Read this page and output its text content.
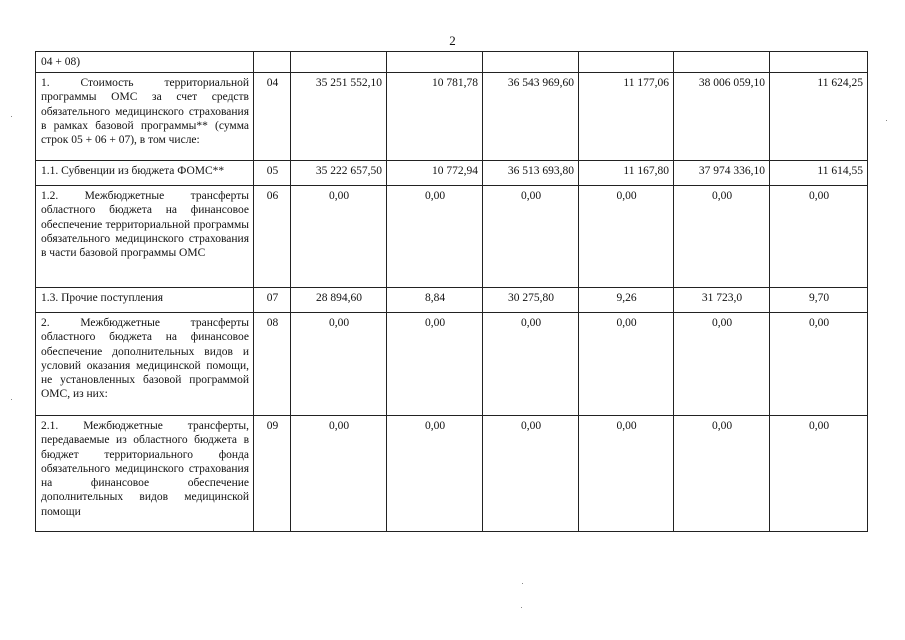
2
04 + 08)							
1. Стоимость территориальной программы ОМС за счет средств обязательного медицинского страхования в рамках базовой программы** (сумма строк 05 + 06 + 07), в том числе:	04	35 251 552,10	10 781,78	36 543 969,60	11 177,06	38 006 059,10	11 624,25
1.1. Субвенции из бюджета ФОМС**	05	35 222 657,50	10 772,94	36 513 693,80	11 167,80	37 974 336,10	11 614,55
1.2. Межбюджетные трансферты областного бюджета на финансовое обеспечение территориальной программы обязательного медицинского страхования в части базовой программы ОМС	06	0,00	0,00	0,00	0,00	0,00	0,00
1.3. Прочие поступления	07	28 894,60	8,84	30 275,80	9,26	31 723,0	9,70
2. Межбюджетные трансферты областного бюджета на финансовое обеспечение дополнительных видов и условий оказания медицинской помощи, не установленных базовой программой ОМС, из них:	08	0,00	0,00	0,00	0,00	0,00	0,00
2.1. Межбюджетные трансферты, передаваемые из областного бюджета в бюджет территориального фонда обязательного медицинского страхования на финансовое обеспечение дополнительных видов медицинской помощи	09	0,00	0,00	0,00	0,00	0,00	0,00
